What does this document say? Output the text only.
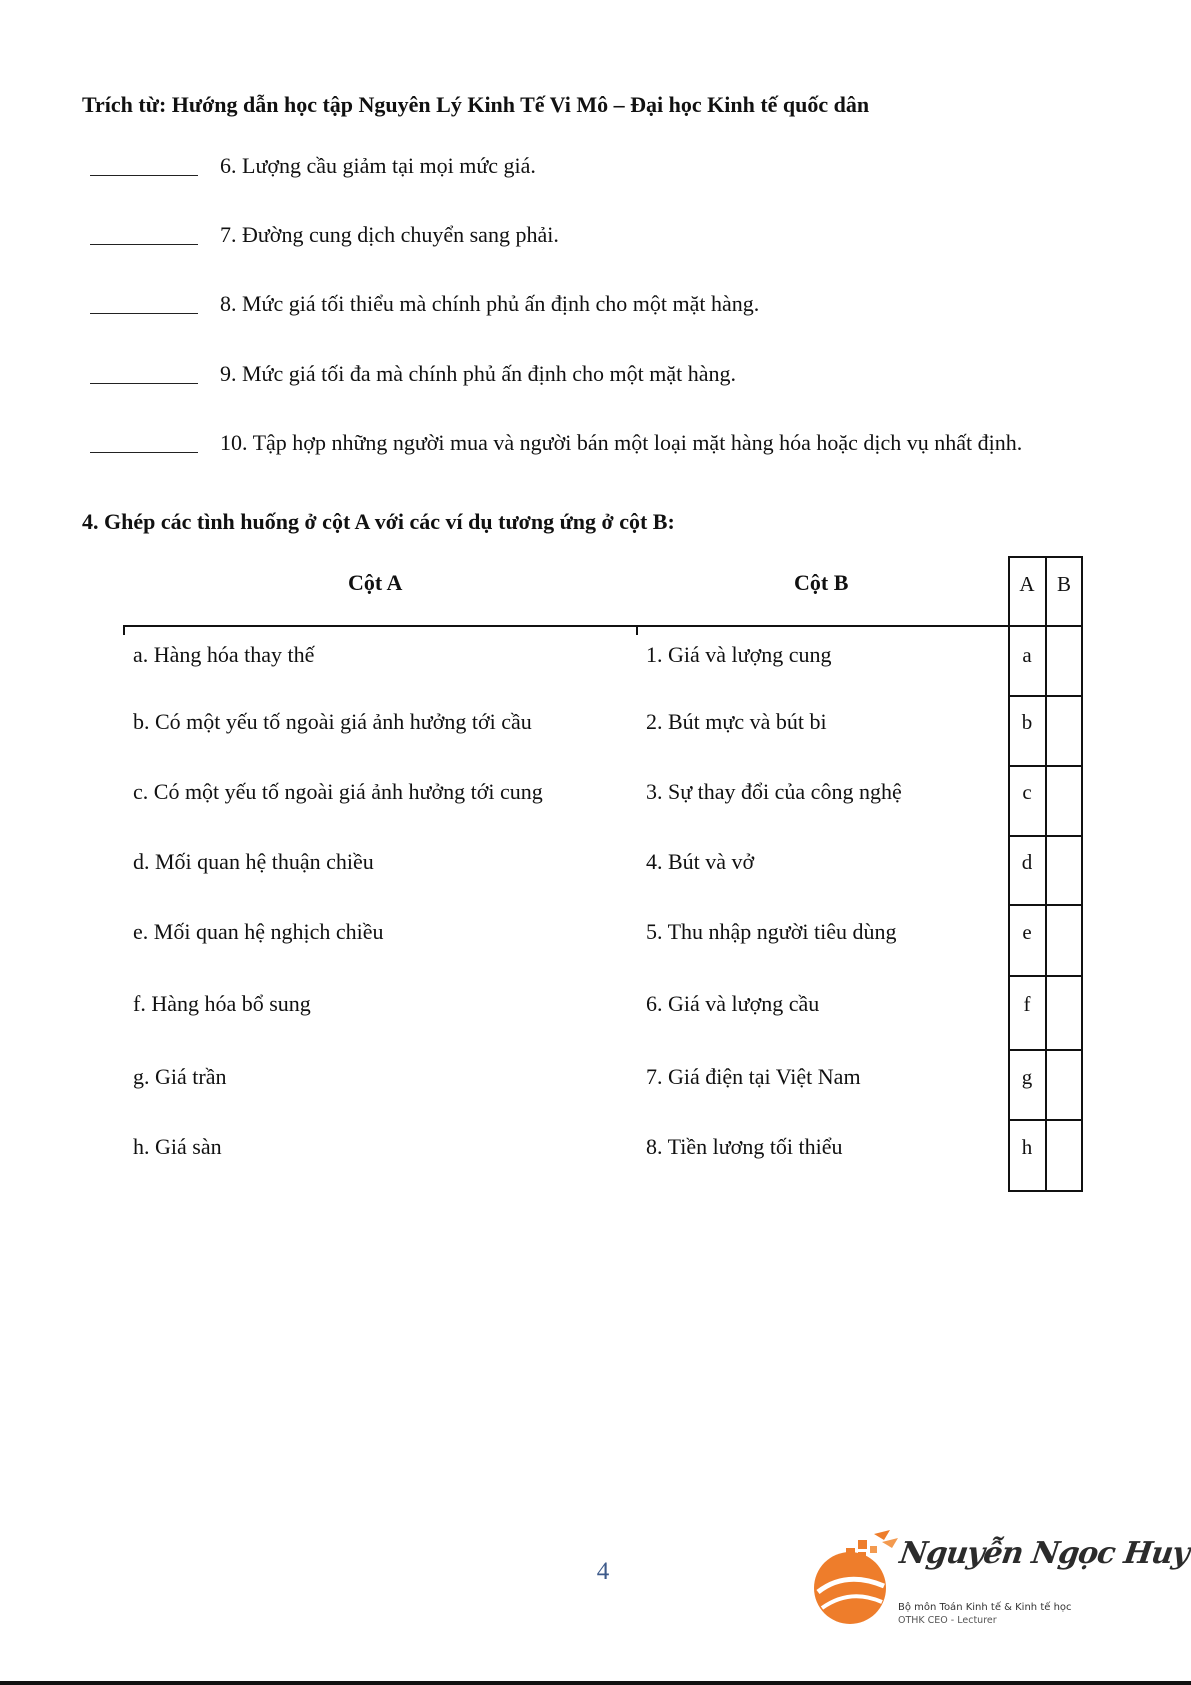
Trích từ: Hướng dẫn học tập Nguyên Lý Kinh Tế Vi Mô – Đại học Kinh tế quốc dân
6. Lượng cầu giảm tại mọi mức giá.
7. Đường cung dịch chuyển sang phải.
8. Mức giá tối thiểu mà chính phủ ấn định cho một mặt hàng.
9. Mức giá tối đa mà chính phủ ấn định cho một mặt hàng.
10. Tập hợp những người mua và người bán một loại mặt hàng hóa hoặc dịch vụ nhất định.
4. Ghép các tình huống ở cột A với các ví dụ tương ứng ở cột B:
Cột A	Cột B	A	B
a. Hàng hóa thay thế	1. Giá và lượng cung	a
b. Có một yếu tố ngoài giá ảnh hưởng tới cầu	2. Bút mực và bút bi	b
c. Có một yếu tố ngoài giá ảnh hưởng tới cung	3. Sự thay đổi của công nghệ	c
d. Mối quan hệ thuận chiều	4. Bút và vở	d
e. Mối quan hệ nghịch chiều	5. Thu nhập người tiêu dùng	e
f. Hàng hóa bổ sung	6. Giá và lượng cầu	f
g. Giá trần	7. Giá điện tại Việt Nam	g
h. Giá sàn	8. Tiền lương tối thiểu	h
4
Nguyễn Ngọc Huy
Bộ môn Toán Kinh tế & Kinh tế học
OTHK CEO - Lecturer
